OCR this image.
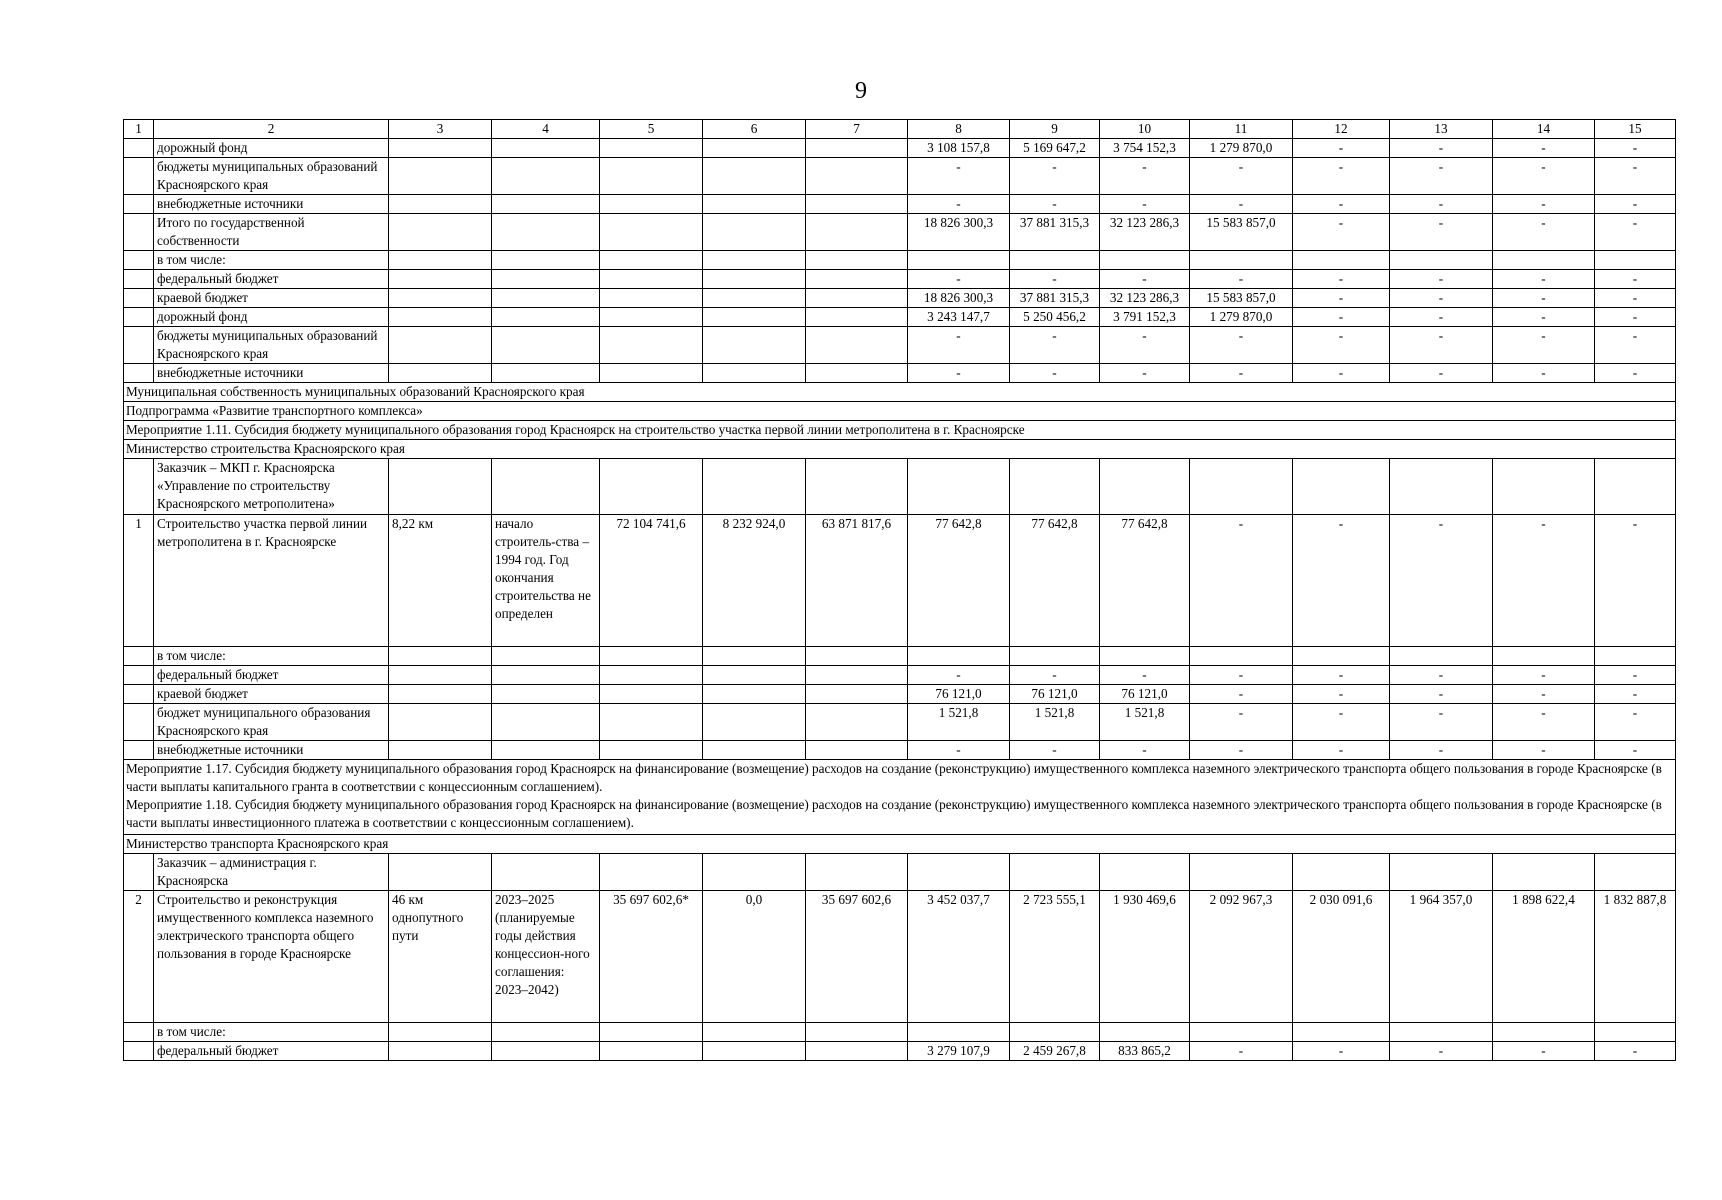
9
1	2	3	4	5	6	7	8	9	10	11	12	13	14	15
	дорожный фонд						3 108 157,8	5 169 647,2	3 754 152,3	1 279 870,0	-	-	-	-
	бюджеты муниципальных образований Красноярского края						-	-	-	-	-	-	-	-
	внебюджетные источники						-	-	-	-	-	-	-	-
	Итого по государственной собственности						18 826 300,3	37 881 315,3	32 123 286,3	15 583 857,0	-	-	-	-
	в том числе:													
	федеральный бюджет						-	-	-	-	-	-	-	-
	краевой бюджет						18 826 300,3	37 881 315,3	32 123 286,3	15 583 857,0	-	-	-	-
	дорожный фонд						3 243 147,7	5 250 456,2	3 791 152,3	1 279 870,0	-	-	-	-
	бюджеты муниципальных образований Красноярского края						-	-	-	-	-	-	-	-
	внебюджетные источники						-	-	-	-	-	-	-	-
Муниципальная собственность муниципальных образований Красноярского края														
Подпрограмма «Развитие транспортного комплекса»														
Мероприятие 1.11. Субсидия бюджету муниципального образования город Красноярск на строительство участка первой линии метрополитена в г. Красноярске														
Министерство строительства Красноярского края														
	Заказчик – МКП г. Красноярска «Управление по строительству Красноярского метрополитена»													
1	Строительство участка первой линии метрополитена в г. Красноярске	8,22 км	начало строитель-ства – 1994 год. Год окончания строительства не определен	72 104 741,6	8 232 924,0	63 871 817,6	77 642,8	77 642,8	77 642,8	-	-	-	-	-
	в том числе:													
	федеральный бюджет						-	-	-	-	-	-	-	-
	краевой бюджет						76 121,0	76 121,0	76 121,0	-	-	-	-	-
	бюджет муниципального образования Красноярского края						1 521,8	1 521,8	1 521,8	-	-	-	-	-
	внебюджетные источники						-	-	-	-	-	-	-	-

Мероприятие 1.17. Субсидия бюджету муниципального образования город Красноярск на финансирование (возмещение) расходов на создание (реконструкцию) имущественного комплекса наземного электрического транспорта общего пользования в городе Красноярске (в части выплаты капитального гранта в соответствии с концессионным соглашением).
Мероприятие 1.18. Субсидия бюджету муниципального образования город Красноярск на финансирование (возмещение) расходов на создание (реконструкцию) имущественного комплекса наземного электрического транспорта общего пользования в городе Красноярске (в части выплаты инвестиционного платежа в соответствии с концессионным соглашением).														

Министерство транспорта Красноярского края														
	Заказчик – администрация г. Красноярска													
2	Строительство и реконструкция имущественного комплекса наземного электрического транспорта общего пользования в городе Красноярске	46 км однопутного пути	2023–2025 (планируемые годы действия концессион-ного соглашения: 2023–2042)	35 697 602,6*	0,0	35 697 602,6	3 452 037,7	2 723 555,1	1 930 469,6	2 092 967,3	2 030 091,6	1 964 357,0	1 898 622,4	1 832 887,8
	в том числе:													
	федеральный бюджет						3 279 107,9	2 459 267,8	833 865,2	-	-	-	-	-
